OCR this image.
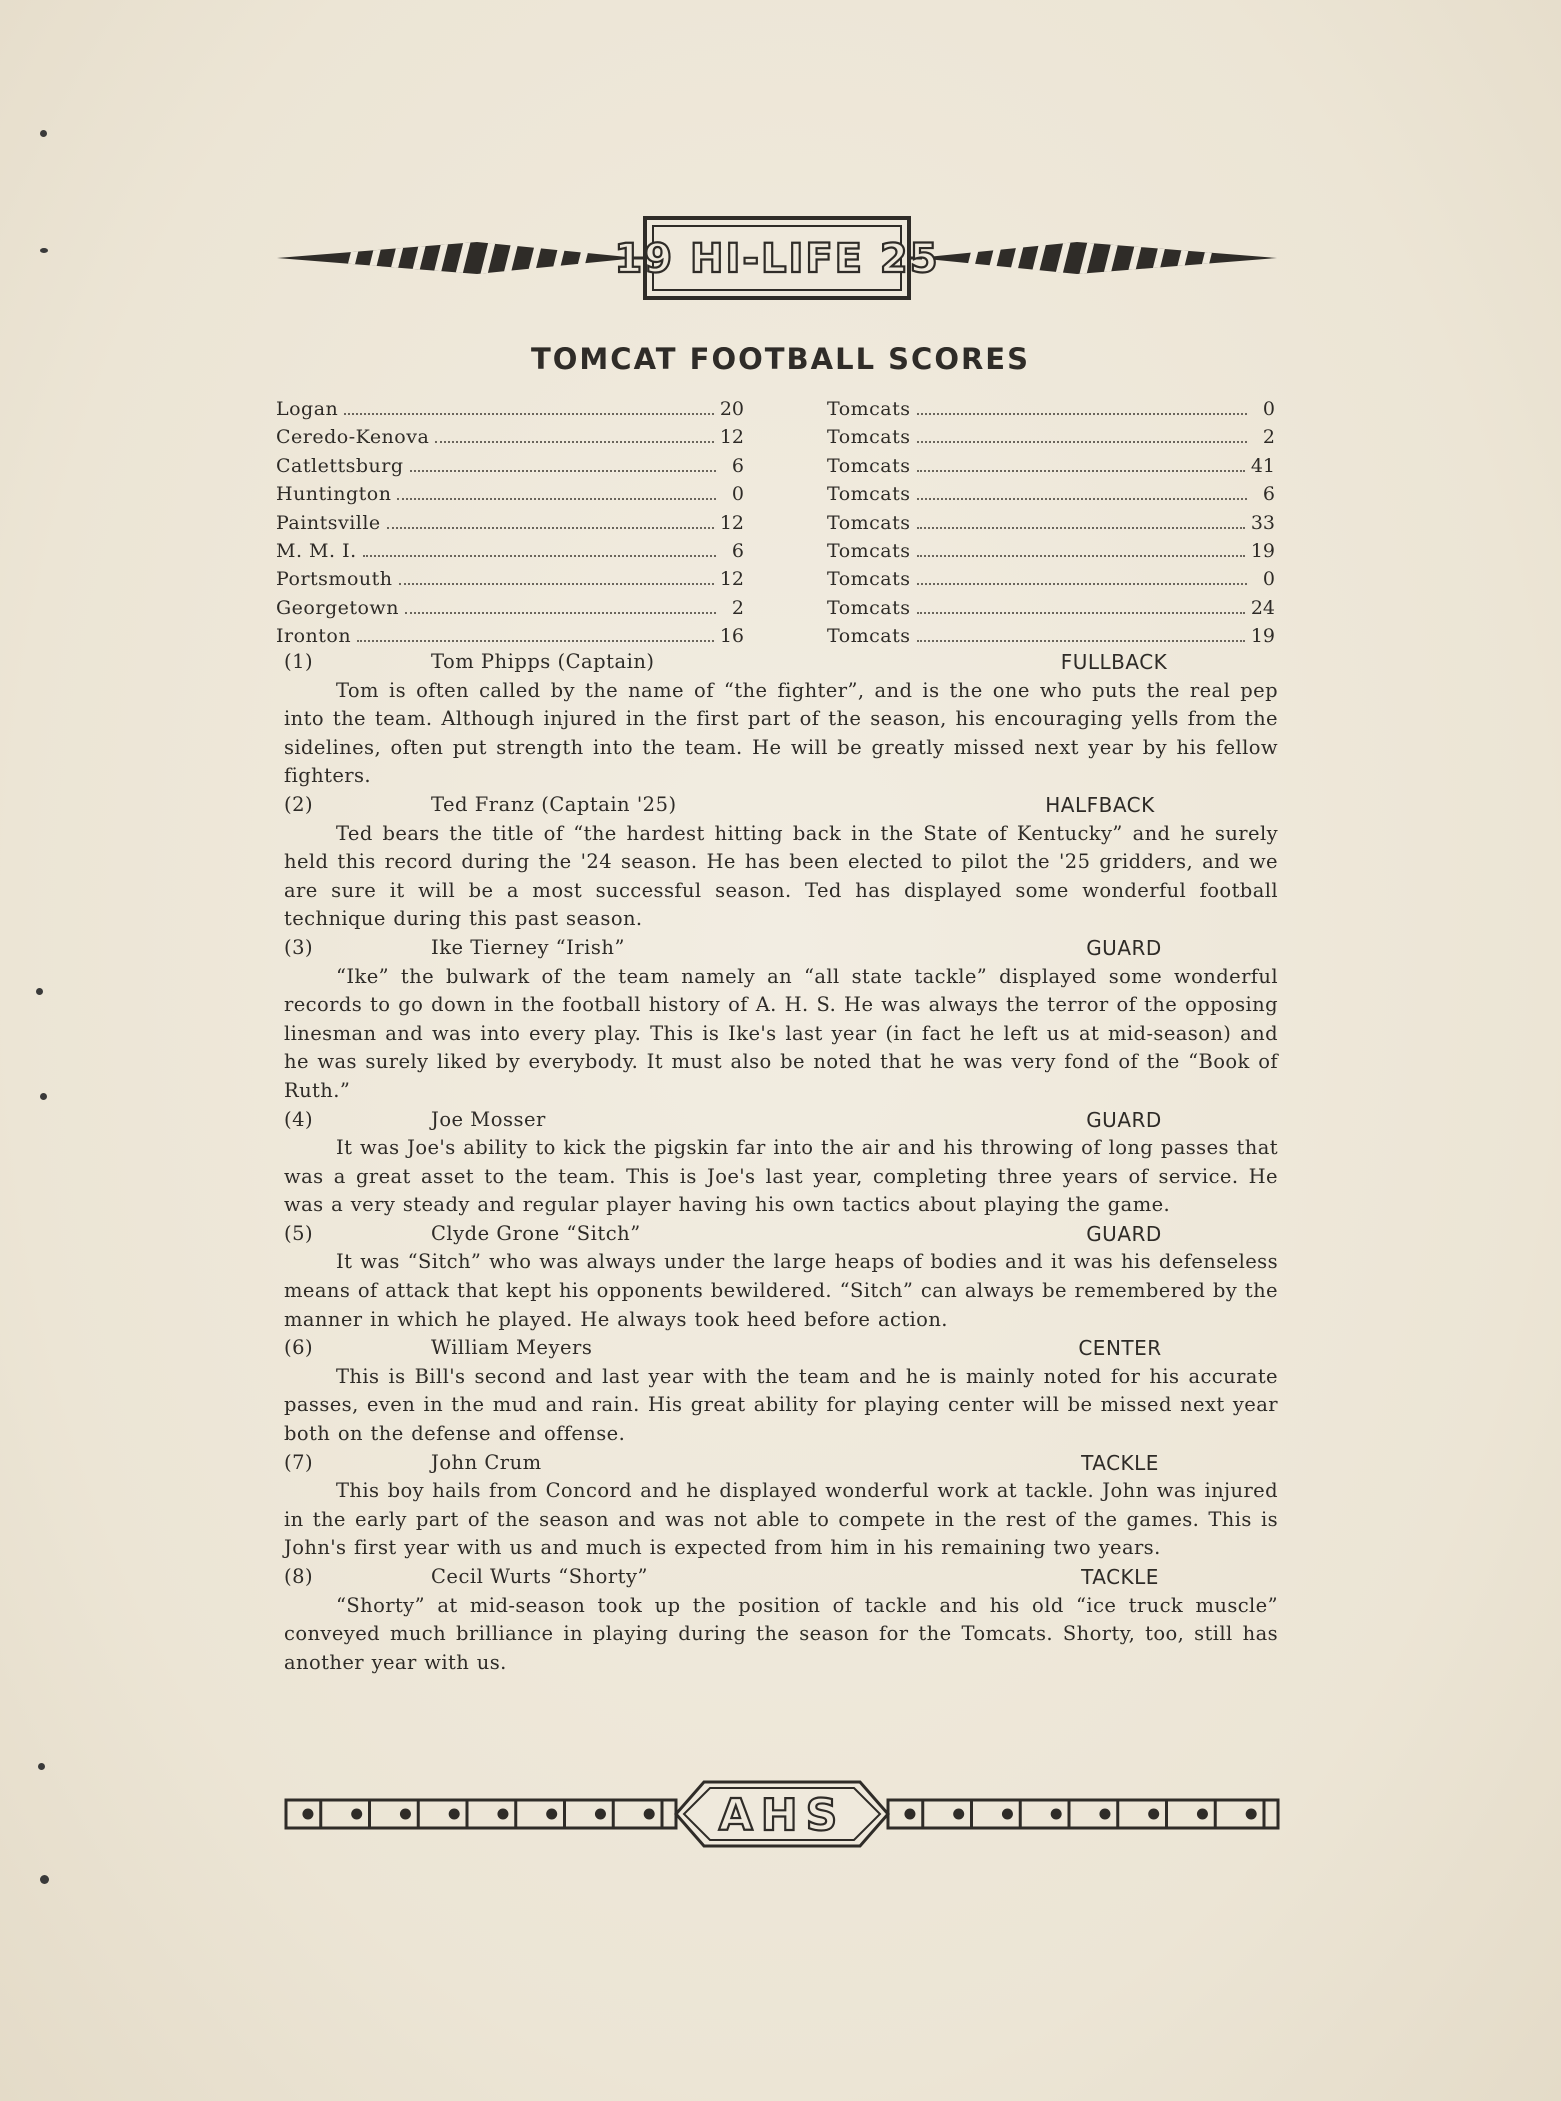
19 HI-LIFE 25
TOMCAT FOOTBALL SCORES
Logan	20	Tomcats	0
Ceredo-Kenova	12	Tomcats	2
Catlettsburg	6	Tomcats	41
Huntington	0	Tomcats	6
Paintsville	12	Tomcats	33
M. M. I.	6	Tomcats	19
Portsmouth	12	Tomcats	0
Georgetown	2	Tomcats	24
Ironton	16	Tomcats	19
(1)	Tom Phipps (Captain)	FULLBACK

Tom is often called by the name of “the fighter”, and is the one who puts the real pep into the team. Although injured in the first part of the season, his encouraging yells from the sidelines, often put strength into the team. He will be greatly missed next year by his fellow fighters.

(2)	Ted Franz (Captain '25)	HALFBACK

Ted bears the title of “the hardest hitting back in the State of Kentucky” and he surely held this record during the '24 season. He has been elected to pilot the '25 gridders, and we are sure it will be a most successful season. Ted has displayed some wonderful football technique during this past season.

(3)	Ike Tierney “Irish”	GUARD

“Ike” the bulwark of the team namely an “all state tackle” displayed some wonderful records to go down in the football history of A. H. S. He was always the terror of the opposing linesman and was into every play. This is Ike's last year (in fact he left us at mid-season) and he was surely liked by everybody. It must also be noted that he was very fond of the “Book of Ruth.”

(4)	Joe Mosser	GUARD

It was Joe's ability to kick the pigskin far into the air and his throwing of long passes that was a great asset to the team. This is Joe's last year, completing three years of service. He was a very steady and regular player having his own tactics about playing the game.

(5)	Clyde Grone “Sitch”	GUARD

It was “Sitch” who was always under the large heaps of bodies and it was his defenseless means of attack that kept his opponents bewildered. “Sitch” can always be remembered by the manner in which he played. He always took heed before action.

(6)	William Meyers	CENTER

This is Bill's second and last year with the team and he is mainly noted for his accurate passes, even in the mud and rain. His great ability for playing center will be missed next year both on the defense and offense.

(7)	John Crum	TACKLE

This boy hails from Concord and he displayed wonderful work at tackle. John was injured in the early part of the season and was not able to compete in the rest of the games. This is John's first year with us and much is expected from him in his remaining two years.

(8)	Cecil Wurts “Shorty”	TACKLE

“Shorty” at mid-season took up the position of tackle and his old “ice truck muscle” conveyed much brilliance in playing during the season for the Tomcats. Shorty, too, still has another year with us.

AHS
